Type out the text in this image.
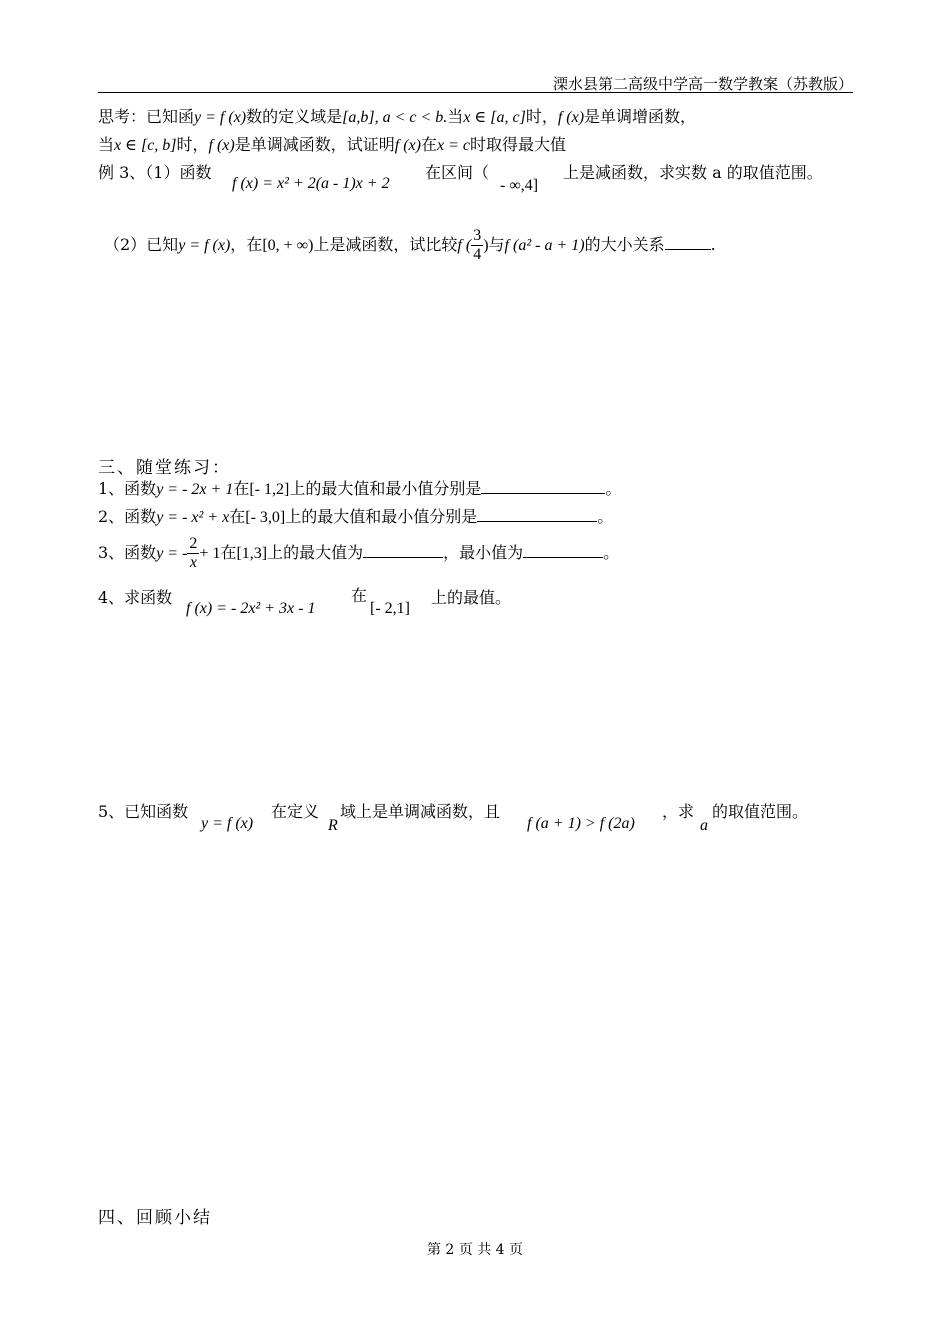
溧水县第二高级中学高一数学教案（苏教版）
思考：已知函y = f (x)数的定义域是[a,b], a < c < b.当x ∈ [a, c]时，f (x)是单调增函数，
当x ∈ [c, b]时，f (x)是单调减函数，试证明f (x)在x = c时取得最大值
例 3、（1）函数
f (x) = x² + 2(a - 1)x + 2
在区间（
- ∞,4]
上是减函数，求实数 a 的取值范围。
（2）已知y = f (x)，在[0, + ∞)上是减函数，试比较f ( $\frac{3}{4}$ )与f (a² - a + 1)的大小关系	.
三、随堂练习：
1、函数y = - 2x + 1在[- 1,2]上的最大值和最小值分别是	。
2、函数y = - x² + x在[- 3,0]上的最大值和最小值分别是	。
3、函数y = - $\frac{2}{x} + 1$在[1,3]上的最大值为	，最小值为	。
4、求函数
f (x) = - 2x² + 3x - 1
在
[- 2,1]
上的最值。
5、已知函数
y = f (x)
在定义
R
域上是单调减函数，且
f (a + 1) > f (2a)
，求
a
的取值范围。
四、回顾小结
第 2 页 共 4 页
